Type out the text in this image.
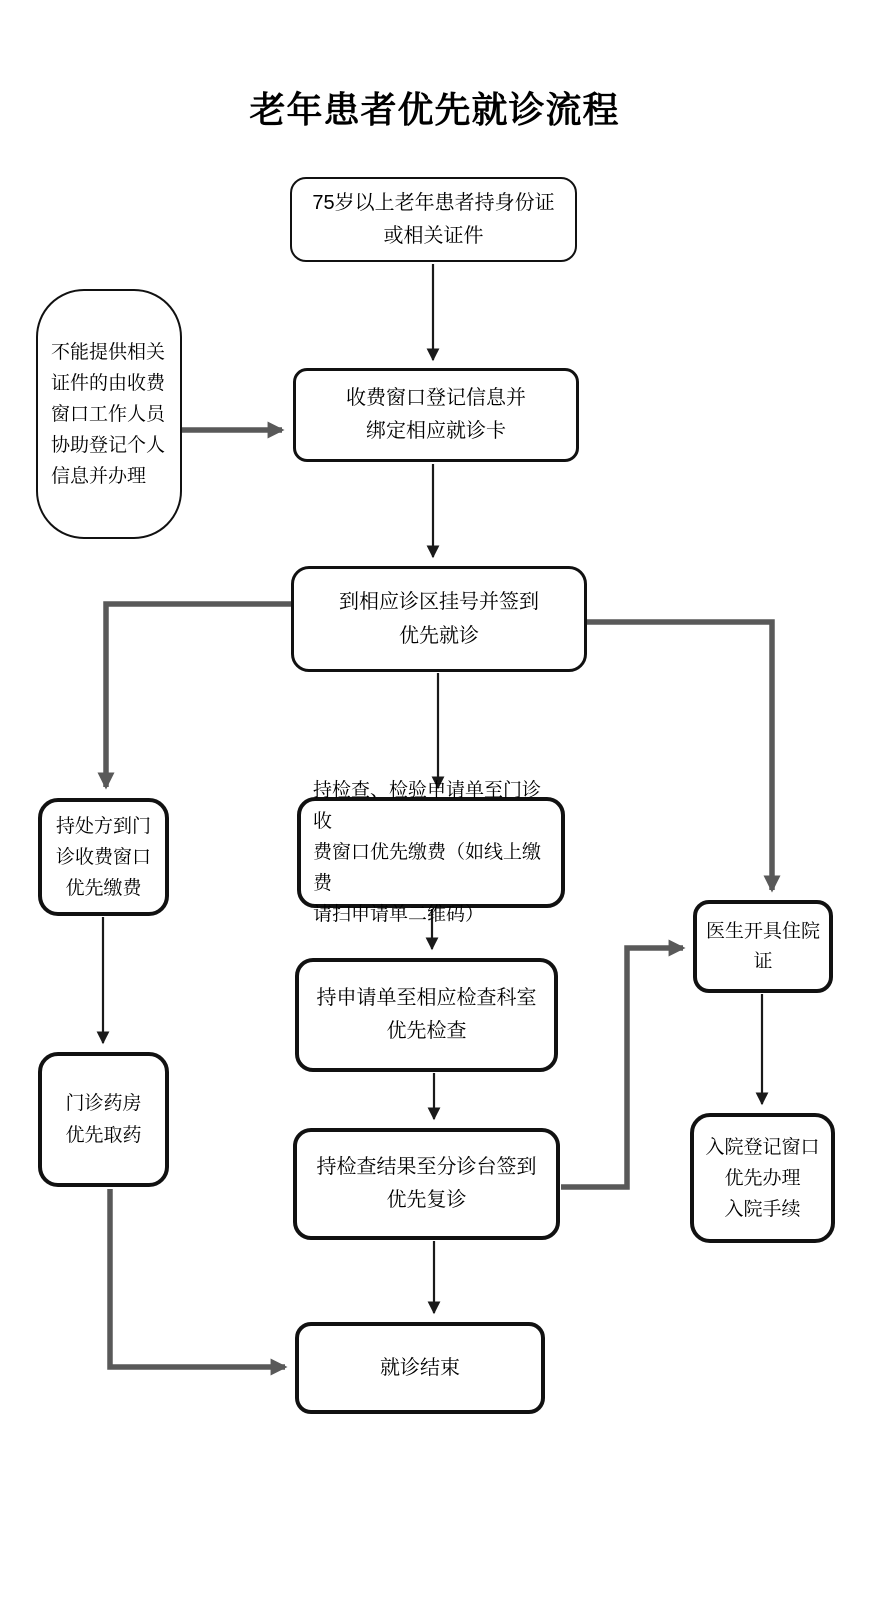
老年患者优先就诊流程
75岁以上老年患者持身份证
或相关证件
不能提供相关证件的由收费窗口工作人员协助登记个人信息并办理
收费窗口登记信息并
绑定相应就诊卡
到相应诊区挂号并签到
优先就诊
持处方到门
诊收费窗口
优先缴费
持检查、检验申请单至门诊收
费窗口优先缴费（如线上缴费
请扫申请单二维码）
持申请单至相应检查科室
优先检查
持检查结果至分诊台签到
优先复诊
门诊药房
优先取药
医生开具住院证
入院登记窗口
优先办理
入院手续
就诊结束
